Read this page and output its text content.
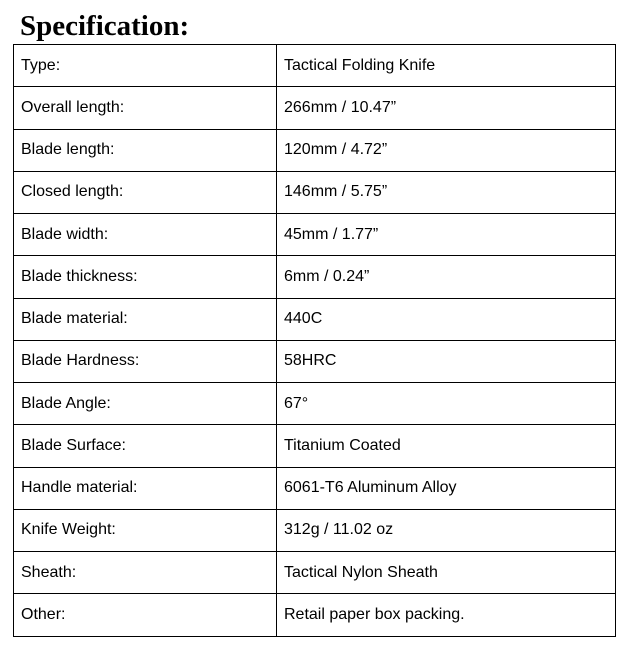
Specification:
Type:	Tactical Folding Knife
Overall length:	266mm / 10.47”
Blade length:	120mm / 4.72”
Closed length:	146mm / 5.75”
Blade width:	45mm / 1.77”
Blade thickness:	6mm / 0.24”
Blade material:	440C
Blade Hardness:	58HRC
Blade Angle:	67°
Blade Surface:	Titanium Coated
Handle material:	6061-T6 Aluminum Alloy
Knife Weight:	312g / 11.02 oz
Sheath:	Tactical Nylon Sheath
Other:	Retail paper box packing.
